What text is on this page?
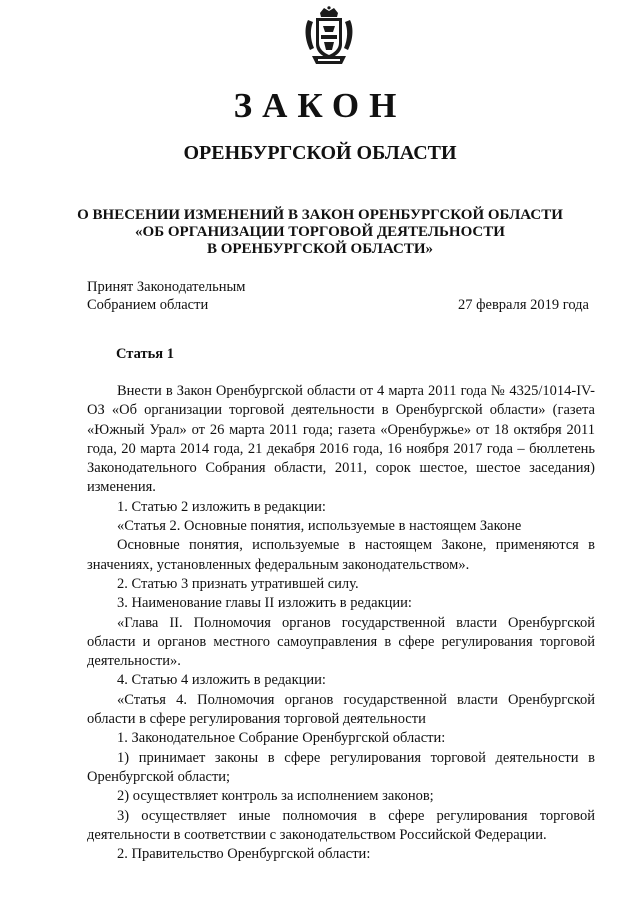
ЗАКОН
ОРЕНБУРГСКОЙ ОБЛАСТИ
О ВНЕСЕНИИ ИЗМЕНЕНИЙ В ЗАКОН ОРЕНБУРГСКОЙ ОБЛАСТИ
«ОБ ОРГАНИЗАЦИИ ТОРГОВОЙ ДЕЯТЕЛЬНОСТИ
В ОРЕНБУРГСКОЙ ОБЛАСТИ»
Принят Законодательным
Собранием области	27 февраля 2019 года
Статья 1

Внести в Закон Оренбургской области от 4 марта 2011 года № 4325/1014-IV-ОЗ «Об организации торговой деятельности в Оренбургской области» (газета «Южный Урал» от 26 марта 2011 года; газета «Оренбуржье» от 18 октября 2011 года, 20 марта 2014 года, 21 декабря 2016 года, 16 ноября 2017 года – бюллетень Законодательного Собрания области, 2011, сорок шестое, шестое заседания) изменения.

1. Статью 2 изложить в редакции:

«Статья 2. Основные понятия, используемые в настоящем Законе

Основные понятия, используемые в настоящем Законе, применяются в значениях, установленных федеральным законодательством».

2. Статью 3 признать утратившей силу.

3. Наименование главы II изложить в редакции:

«Глава II. Полномочия органов государственной власти Оренбургской области и органов местного самоуправления в сфере регулирования торговой деятельности».

4. Статью 4 изложить в редакции:

«Статья 4. Полномочия органов государственной власти Оренбургской области в сфере регулирования торговой деятельности

1. Законодательное Собрание Оренбургской области:

1) принимает законы в сфере регулирования торговой деятельности в Оренбургской области;

2) осуществляет контроль за исполнением законов;

3) осуществляет иные полномочия в сфере регулирования торговой деятельности в соответствии с законодательством Российской Федерации.

2. Правительство Оренбургской области:
